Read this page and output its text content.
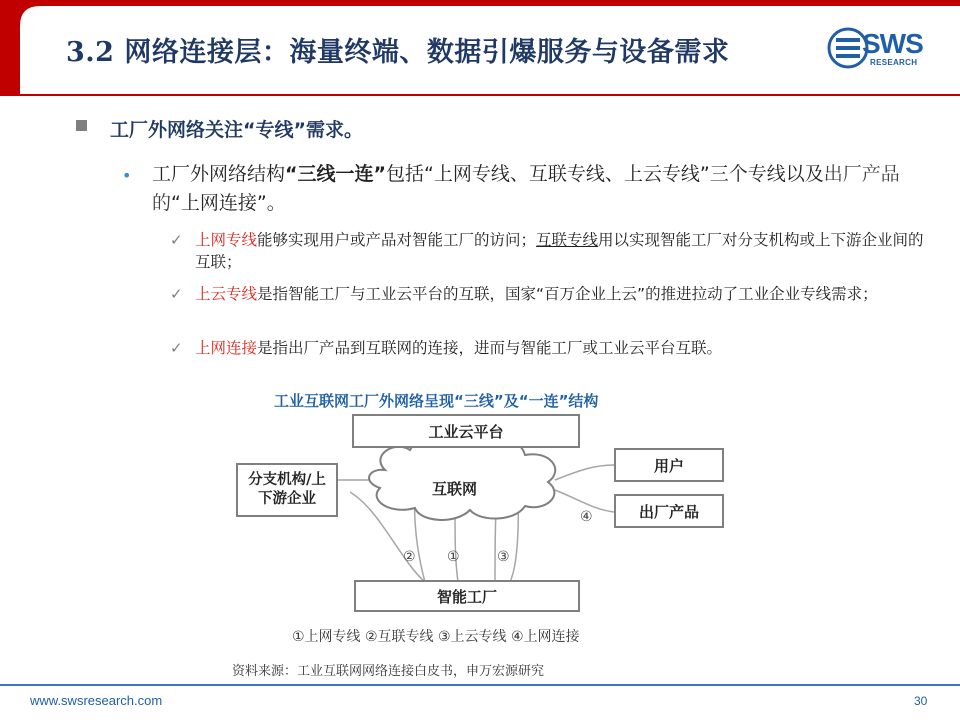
3.2 网络连接层：海量终端、数据引爆服务与设备需求	SWS
RESEARCH
工厂外网络关注“专线”需求。
• 工厂外网络结构“三线一连”包括“上网专线、互联专线、上云专线”三个专线以及出厂产品的“上网连接”。
✓ 上网专线能够实现用户或产品对智能工厂的访问；互联专线用以实现智能工厂对分支机构或上下游企业间的互联；
✓ 上云专线是指智能工厂与工业云平台的互联，国家“百万企业上云”的推进拉动了工业企业专线需求；
✓ 上网连接是指出厂产品到互联网的连接，进而与智能工厂或工业云平台互联。
工业互联网工厂外网络呈现“三线”及“一连”结构
工业云平台
互联网
分支机构/上下游企业
用户
出厂产品
智能工厂
② ①	③
④
①上网专线 ②互联专线 ③上云专线 ④上网连接
资料来源：工业互联网网络连接白皮书，申万宏源研究
www.swsresearch.com	30
